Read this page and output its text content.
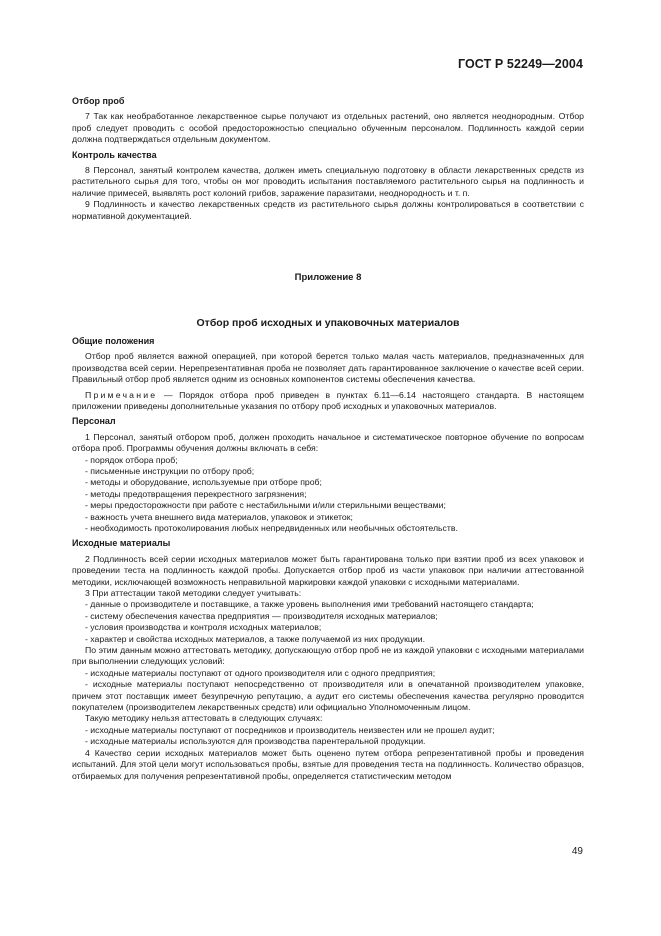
ГОСТ Р 52249—2004
Отбор проб

7 Так как необработанное лекарственное сырье получают из отдельных растений, оно является неоднородным. Отбор проб следует проводить с особой предосторожностью специально обученным персоналом. Подлинность каждой серии должна подтверждаться отдельным документом.

Контроль качества

8 Персонал, занятый контролем качества, должен иметь специальную подготовку в области лекарственных средств из растительного сырья для того, чтобы он мог проводить испытания поставляемого растительного сырья на подлинность и наличие примесей, выявлять рост колоний грибов, заражение паразитами, неоднородность и т. п.

9 Подлинность и качество лекарственных средств из растительного сырья должны контролироваться в соответствии с нормативной документацией.

Приложение 8
Отбор проб исходных и упаковочных материалов
Общие положения

Отбор проб является важной операцией, при которой берется только малая часть материалов, предназначенных для производства всей серии. Нерепрезентативная проба не позволяет дать гарантированное заключение о качестве всей серии. Правильный отбор проб является одним из основных компонентов системы обеспечения качества.

Примечание — Порядок отбора проб приведен в пунктах 6.11—6.14 настоящего стандарта. В настоящем приложении приведены дополнительные указания по отбору проб исходных и упаковочных материалов.

Персонал

1 Персонал, занятый отбором проб, должен проходить начальное и систематическое повторное обучение по вопросам отбора проб. Программы обучения должны включать в себя:

- порядок отбора проб;
- письменные инструкции по отбору проб;
- методы и оборудование, используемые при отборе проб;
- методы предотвращения перекрестного загрязнения;
- меры предосторожности при работе с нестабильными и/или стерильными веществами;
- важность учета внешнего вида материалов, упаковок и этикеток;
- необходимость протоколирования любых непредвиденных или необычных обстоятельств.
Исходные материалы

2 Подлинность всей серии исходных материалов может быть гарантирована только при взятии проб из всех упаковок и проведении теста на подлинность каждой пробы. Допускается отбор проб из части упаковок при наличии аттестованной методики, исключающей возможность неправильной маркировки каждой упаковки с исходными материалами.

3 При аттестации такой методики следует учитывать:

- данные о производителе и поставщике, а также уровень выполнения ими требований настоящего стандарта;
- систему обеспечения качества предприятия — производителя исходных материалов;
- условия производства и контроля исходных материалов;
- характер и свойства исходных материалов, а также получаемой из них продукции.

По этим данным можно аттестовать методику, допускающую отбор проб не из каждой упаковки с исходными материалами при выполнении следующих условий:

- исходные материалы поступают от одного производителя или с одного предприятия;

- исходные материалы поступают непосредственно от производителя или в опечатанной производителем упаковке, причем этот поставщик имеет безупречную репутацию, а аудит его системы обеспечения качества регулярно проводится покупателем (производителем лекарственных средств) или официально Уполномоченным лицом.

Такую методику нельзя аттестовать в следующих случаях:

- исходные материалы поступают от посредников и производитель неизвестен или не прошел аудит;

- исходные материалы используются для производства парентеральной продукции.

4 Качество серии исходных материалов может быть оценено путем отбора репрезентативной пробы и проведения испытаний. Для этой цели могут использоваться пробы, взятые для проведения теста на подлинность. Количество образцов, отбираемых для получения репрезентативной пробы, определяется статистическим методом

49
